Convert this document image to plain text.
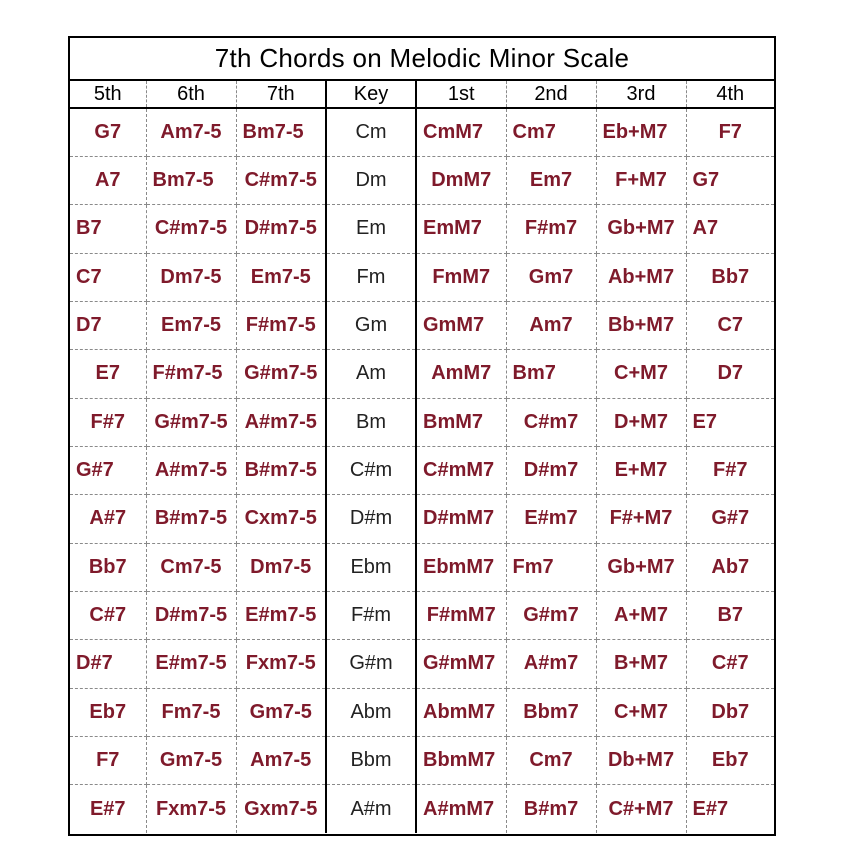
7th Chords on Melodic Minor Scale							
5th	6th	7th	Key	1st	2nd	3rd	4th
G7	Am7-5	Bm7-5	Cm	CmM7	Cm7	Eb+M7	F7
A7	Bm7-5	C#m7-5	Dm	DmM7	Em7	F+M7	G7
B7	C#m7-5	D#m7-5	Em	EmM7	F#m7	Gb+M7	A7
C7	Dm7-5	Em7-5	Fm	FmM7	Gm7	Ab+M7	Bb7
D7	Em7-5	F#m7-5	Gm	GmM7	Am7	Bb+M7	C7
E7	F#m7-5	G#m7-5	Am	AmM7	Bm7	C+M7	D7
F#7	G#m7-5	A#m7-5	Bm	BmM7	C#m7	D+M7	E7
G#7	A#m7-5	B#m7-5	C#m	C#mM7	D#m7	E+M7	F#7
A#7	B#m7-5	Cxm7-5	D#m	D#mM7	E#m7	F#+M7	G#7
Bb7	Cm7-5	Dm7-5	Ebm	EbmM7	Fm7	Gb+M7	Ab7
C#7	D#m7-5	E#m7-5	F#m	F#mM7	G#m7	A+M7	B7
D#7	E#m7-5	Fxm7-5	G#m	G#mM7	A#m7	B+M7	C#7
Eb7	Fm7-5	Gm7-5	Abm	AbmM7	Bbm7	C+M7	Db7
F7	Gm7-5	Am7-5	Bbm	BbmM7	Cm7	Db+M7	Eb7
E#7	Fxm7-5	Gxm7-5	A#m	A#mM7	B#m7	C#+M7	E#7
